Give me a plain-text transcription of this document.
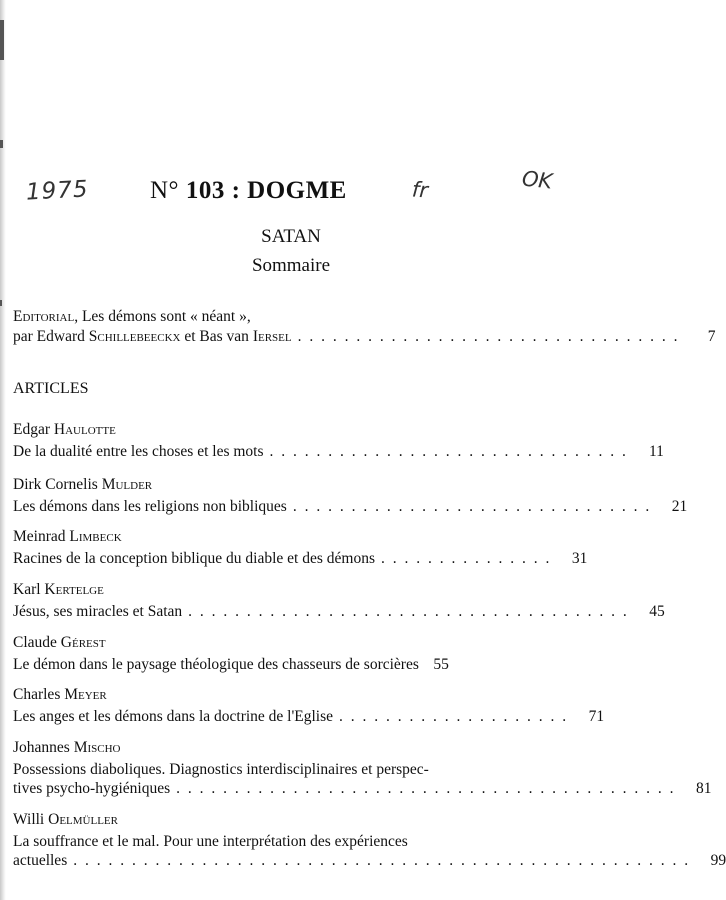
1975	fr	OK
N° 103 : DOGME
SATAN
Sommaire
Editorial, Les démons sont « néant »,
par Edward Schillebeeckx et Bas van Iersel . . . . . . . . . . . . . . . . . . . . . . . . . . . . . . . . .	7
ARTICLES
Edgar Haulotte
De la dualité entre les choses et les mots . . . . . . . . . . . . . . . . . . . . . . . . . . . . . . .	11
Dirk Cornelis Mulder
Les démons dans les religions non bibliques . . . . . . . . . . . . . . . . . . . . . . . . . . . . . . .	21
Meinrad Limbeck
Racines de la conception biblique du diable et des démons . . . . . . . . . . . . . . .	31
Karl Kertelge
Jésus, ses miracles et Satan . . . . . . . . . . . . . . . . . . . . . . . . . . . . . . . . . . . . . .	45
Claude Gérest
Le démon dans le paysage théologique des chasseurs de sorcières 55
Charles Meyer
Les anges et les démons dans la doctrine de l'Eglise . . . . . . . . . . . . . . . . . . . .	71
Johannes Mischo
Possessions diaboliques. Diagnostics interdisciplinaires et perspec-
tives psycho-hygiéniques . . . . . . . . . . . . . . . . . . . . . . . . . . . . . . . . . . . . . . . . . . .	81
Willi Oelmüller
La souffrance et le mal. Pour une interprétation des expériences
actuelles . . . . . . . . . . . . . . . . . . . . . . . . . . . . . . . . . . . . . . . . . . . . . . . . . . . . .	99
